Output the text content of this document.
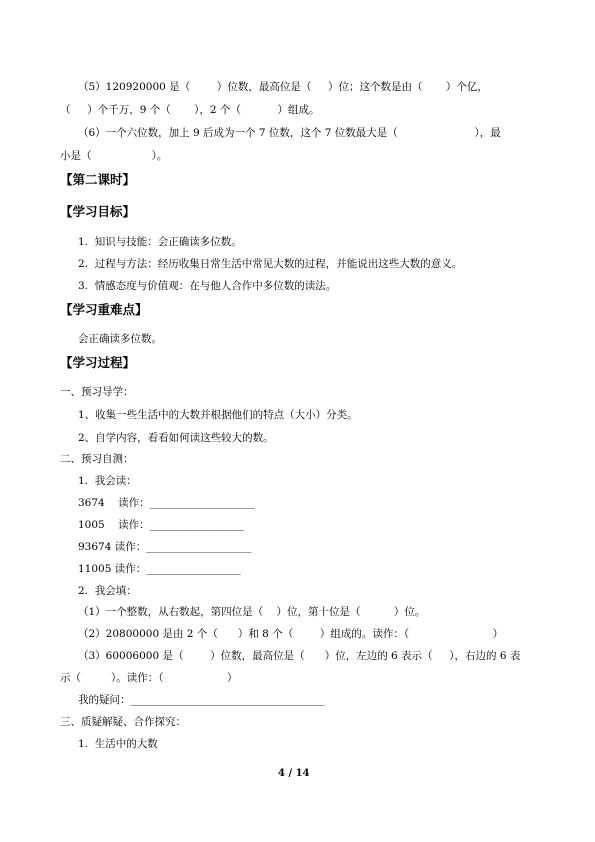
（5）120920000 是（        ）位数，最高位是（     ）位；这个数是由（       ）个亿，
（     ）个千万，9 个（       ），2 个（           ）组成。
（6）一个六位数，加上 9 后成为一个 7 位数，这个 7 位数最大是（                       ），最
小是（                  ）。
【第二课时】
【学习目标】
1.  知识与技能：会正确读多位数。
2.  过程与方法：经历收集日常生活中常见大数的过程，并能说出这些大数的意义。
3.  情感态度与价值观：在与他人合作中多位数的读法。
【学习重难点】
会正确读多位数。
【学习过程】
一、预习导学：
1、收集一些生活中的大数并根据他们的特点（大小）分类。
2、自学内容，看看如何读这些较大的数。
二、预习自测：
1.  我会读：
3674    读作：____________________
1005    读作：__________________
93674 读作：____________________
11005 读作：__________________
2.  我会填：
（1）一个整数，从右数起，第四位是（    ）位，第十位是（          ）位。
（2）20800000 是由 2 个（      ）和 8 个（        ）组成的。读作：（                         ）
（3）60006000 是（        ）位数，最高位是（      ）位，左边的 6 表示（     ），右边的 6 表
示（         ）。读作：（                   ）
我的疑问：_____________________________________
三、质疑解疑、合作探究：
1.  生活中的大数
4 / 14
